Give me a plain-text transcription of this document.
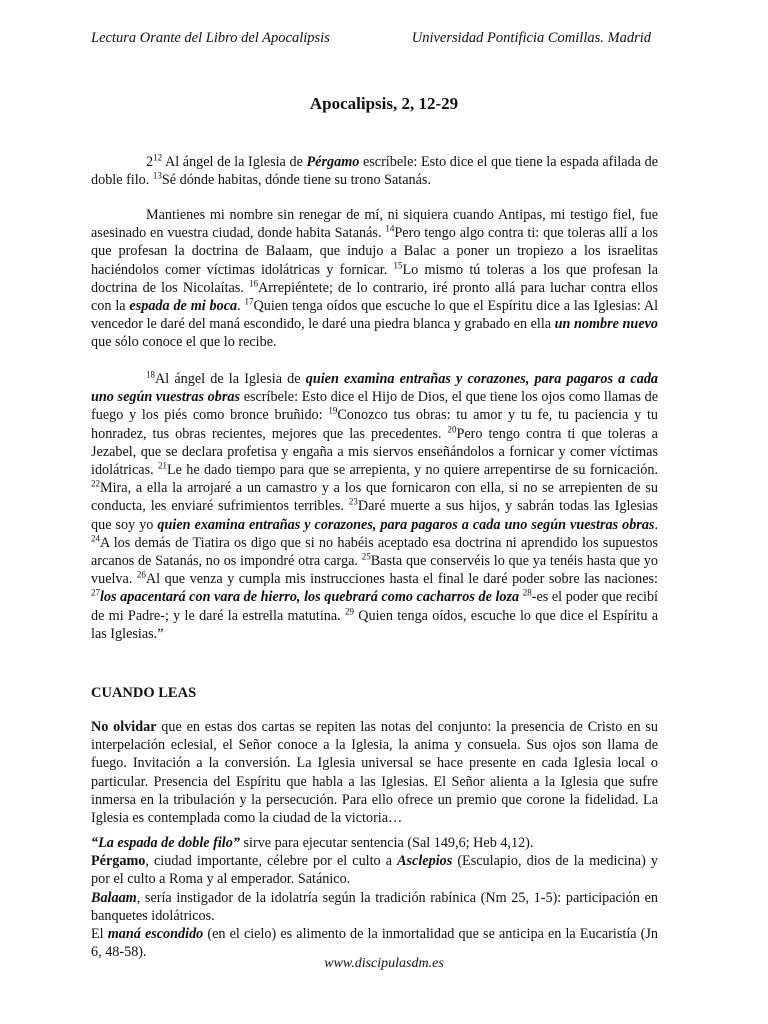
Lectura Orante del Libro del Apocalipsis	Universidad Pontificia Comillas. Madrid
Apocalipsis, 2, 12-29

$2^{12}$ Al ángel de la Iglesia de Pérgamo escríbele: Esto dice el que tiene la espada afilada de doble filo. $^{13}$Sé dónde habitas, dónde tiene su trono Satanás.

Mantienes mi nombre sin renegar de mí, ni siquiera cuando Antipas, mi testigo fiel, fue asesinado en vuestra ciudad, donde habita Satanás. $^{14}$Pero tengo algo contra ti: que toleras allí a los que profesan la doctrina de Balaam, que indujo a Balac a poner un tropiezo a los israelitas haciéndolos comer víctimas idolátricas y fornicar. $^{15}$Lo mismo tú toleras a los que profesan la doctrina de los Nicolaítas. $^{16}$Arrepiéntete; de lo contrario, iré pronto allá para luchar contra ellos con la espada de mi boca. $^{17}$Quien tenga oídos que escuche lo que el Espíritu dice a las Iglesias: Al vencedor le daré del maná escondido, le daré una piedra blanca y grabado en ella un nombre nuevo que sólo conoce el que lo recibe.

$^{18}$Al ángel de la Iglesia de quien examina entrañas y corazones, para pagaros a cada uno según vuestras obras escríbele: Esto dice el Hijo de Dios, el que tiene los ojos como llamas de fuego y los piés como bronce bruñido: $^{19}$Conozco tus obras: tu amor y tu fe, tu paciencia y tu honradez, tus obras recientes, mejores que las precedentes. $^{20}$Pero tengo contra ti que toleras a Jezabel, que se declara profetisa y engaña a mis siervos enseñándolos a fornicar y comer víctimas idolátricas. $^{21}$Le he dado tiempo para que se arrepienta, y no quiere arrepentirse de su fornicación. $^{22}$Mira, a ella la arrojaré a un camastro y a los que fornicaron con ella, si no se arrepienten de su conducta, les enviaré sufrimientos terribles. $^{23}$Daré muerte a sus hijos, y sabrán todas las Iglesias que soy yo quien examina entrañas y corazones, para pagaros a cada uno según vuestras obras. $^{24}$A los demás de Tiatira os digo que si no habéis aceptado esa doctrina ni aprendido los supuestos arcanos de Satanás, no os impondré otra carga. $^{25}$Basta que conservéis lo que ya tenéis hasta que yo vuelva. $^{26}$Al que venza y cumpla mis instrucciones hasta el final le daré poder sobre las naciones: $^{27}$los apacentará con vara de hierro, los quebrará como cacharros de loza $^{28}$-es el poder que recibí de mi Padre-; y le daré la estrella matutina. $^{29}$ Quien tenga oídos, escuche lo que dice el Espíritu a las Iglesias.”

CUANDO LEAS

No olvidar que en estas dos cartas se repiten las notas del conjunto: la presencia de Cristo en su interpelación eclesial, el Señor conoce a la Iglesia, la anima y consuela. Sus ojos son llama de fuego. Invitación a la conversión. La Iglesia universal se hace presente en cada Iglesia local o particular. Presencia del Espíritu que habla a las Iglesias. El Señor alienta a la Iglesia que sufre inmersa en la tribulación y la persecución. Para ello ofrece un premio que corone la fidelidad. La Iglesia es contemplada como la ciudad de la victoria…

“La espada de doble filo” sirve para ejecutar sentencia (Sal 149,6; Heb 4,12).

Pérgamo, ciudad importante, célebre por el culto a Asclepios (Esculapio, dios de la medicina) y por el culto a Roma y al emperador. Satánico.

Balaam, sería instigador de la idolatría según la tradición rabínica (Nm 25, 1-5): participación en banquetes idolátricos.

El maná escondido (en el cielo) es alimento de la inmortalidad que se anticipa en la Eucaristía (Jn 6, 48-58).

www.discipulasdm.es
